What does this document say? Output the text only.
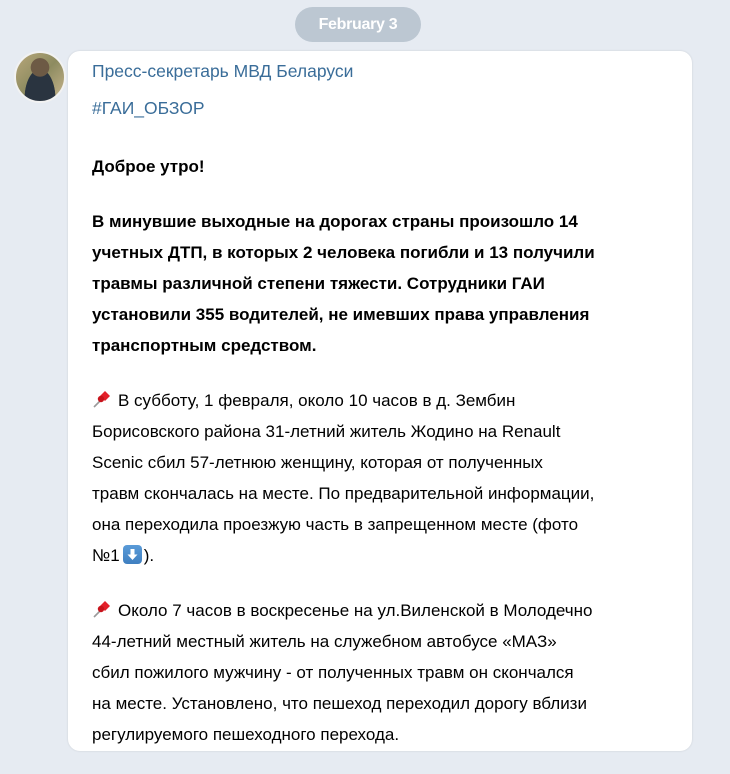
February 3
Пресс-секретарь МВД Беларуси
#ГАИ_ОБЗОР

Доброе утро!

В минувшие выходные на дорогах страны произошло 14
учетных ДТП, в которых 2 человека погибли и 13 получили
травмы различной степени тяжести. Сотрудники ГАИ
установили 355 водителей, не имевших права управления
транспортным средством.

В субботу, 1 февраля, около 10 часов в д. Зембин
Борисовского района 31-летний житель Жодино на Renault
Scenic сбил 57-летнюю женщину, которая от полученных
травм скончалась на месте. По предварительной информации,
она переходила проезжую часть в запрещенном месте (фото
№1 ).

Около 7 часов в воскресенье на ул.Виленской в Молодечно
44-летний местный житель на служебном автобусе «МАЗ»
сбил пожилого мужчину - от полученных травм он скончался
на месте. Установлено, что пешеход переходил дорогу вблизи
регулируемого пешеходного перехода.
